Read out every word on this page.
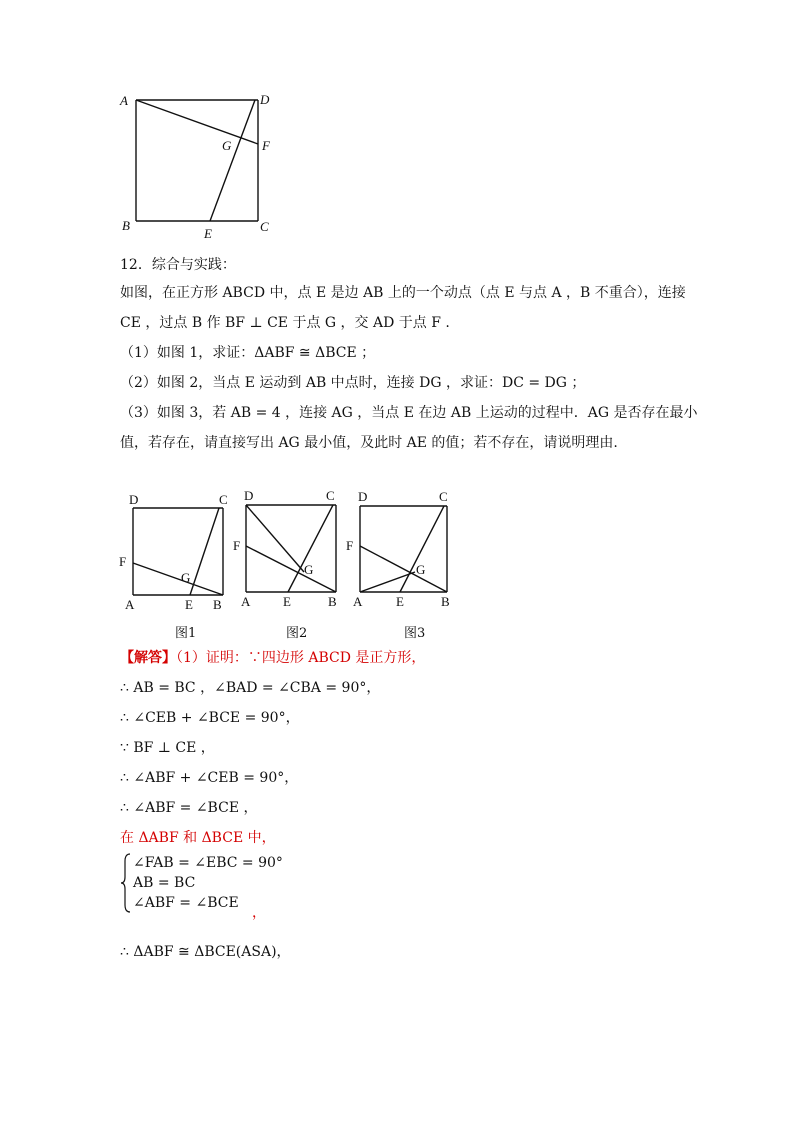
A	D
G F
B
E	C
12．综合与实践：
如图，在正方形 ABCD 中，点 E 是边 AB 上的一个动点（点 E 与点 A ，B 不重合），连接
CE ，过点 B 作 BF ⊥ CE 于点 G ，交 AD 于点 F .
（1）如图 1，求证：ΔABF ≅ ΔBCE ；
（2）如图 2，当点 E 运动到 AB 中点时，连接 DG ，求证：DC = DG ；
（3）如图 3，若 AB = 4 ，连接 AG ，当点 E 在边 AB 上运动的过程中．AG 是否存在最小
值，若存在，请直接写出 AG 最小值，及此时 AE 的值；若不存在，请说明理由.
D	C
F
G
A	E B
图1
D	C
F
G
A	E	B
图2
D	C
F
G
A	E	B
图3
【解答】（1）证明：∵四边形 ABCD 是正方形，
∴ AB = BC ，∠BAD = ∠CBA = 90°，
∴ ∠CEB + ∠BCE = 90°，
∵ BF ⊥ CE ，
∴ ∠ABF + ∠CEB = 90°，
∴ ∠ABF = ∠BCE ，
在 ΔABF 和 ΔBCE 中，
∠FAB = ∠EBC = 90°
AB = BC
∠ABF = ∠BCE
，
∴ ΔABF ≅ ΔBCE(ASA)，
